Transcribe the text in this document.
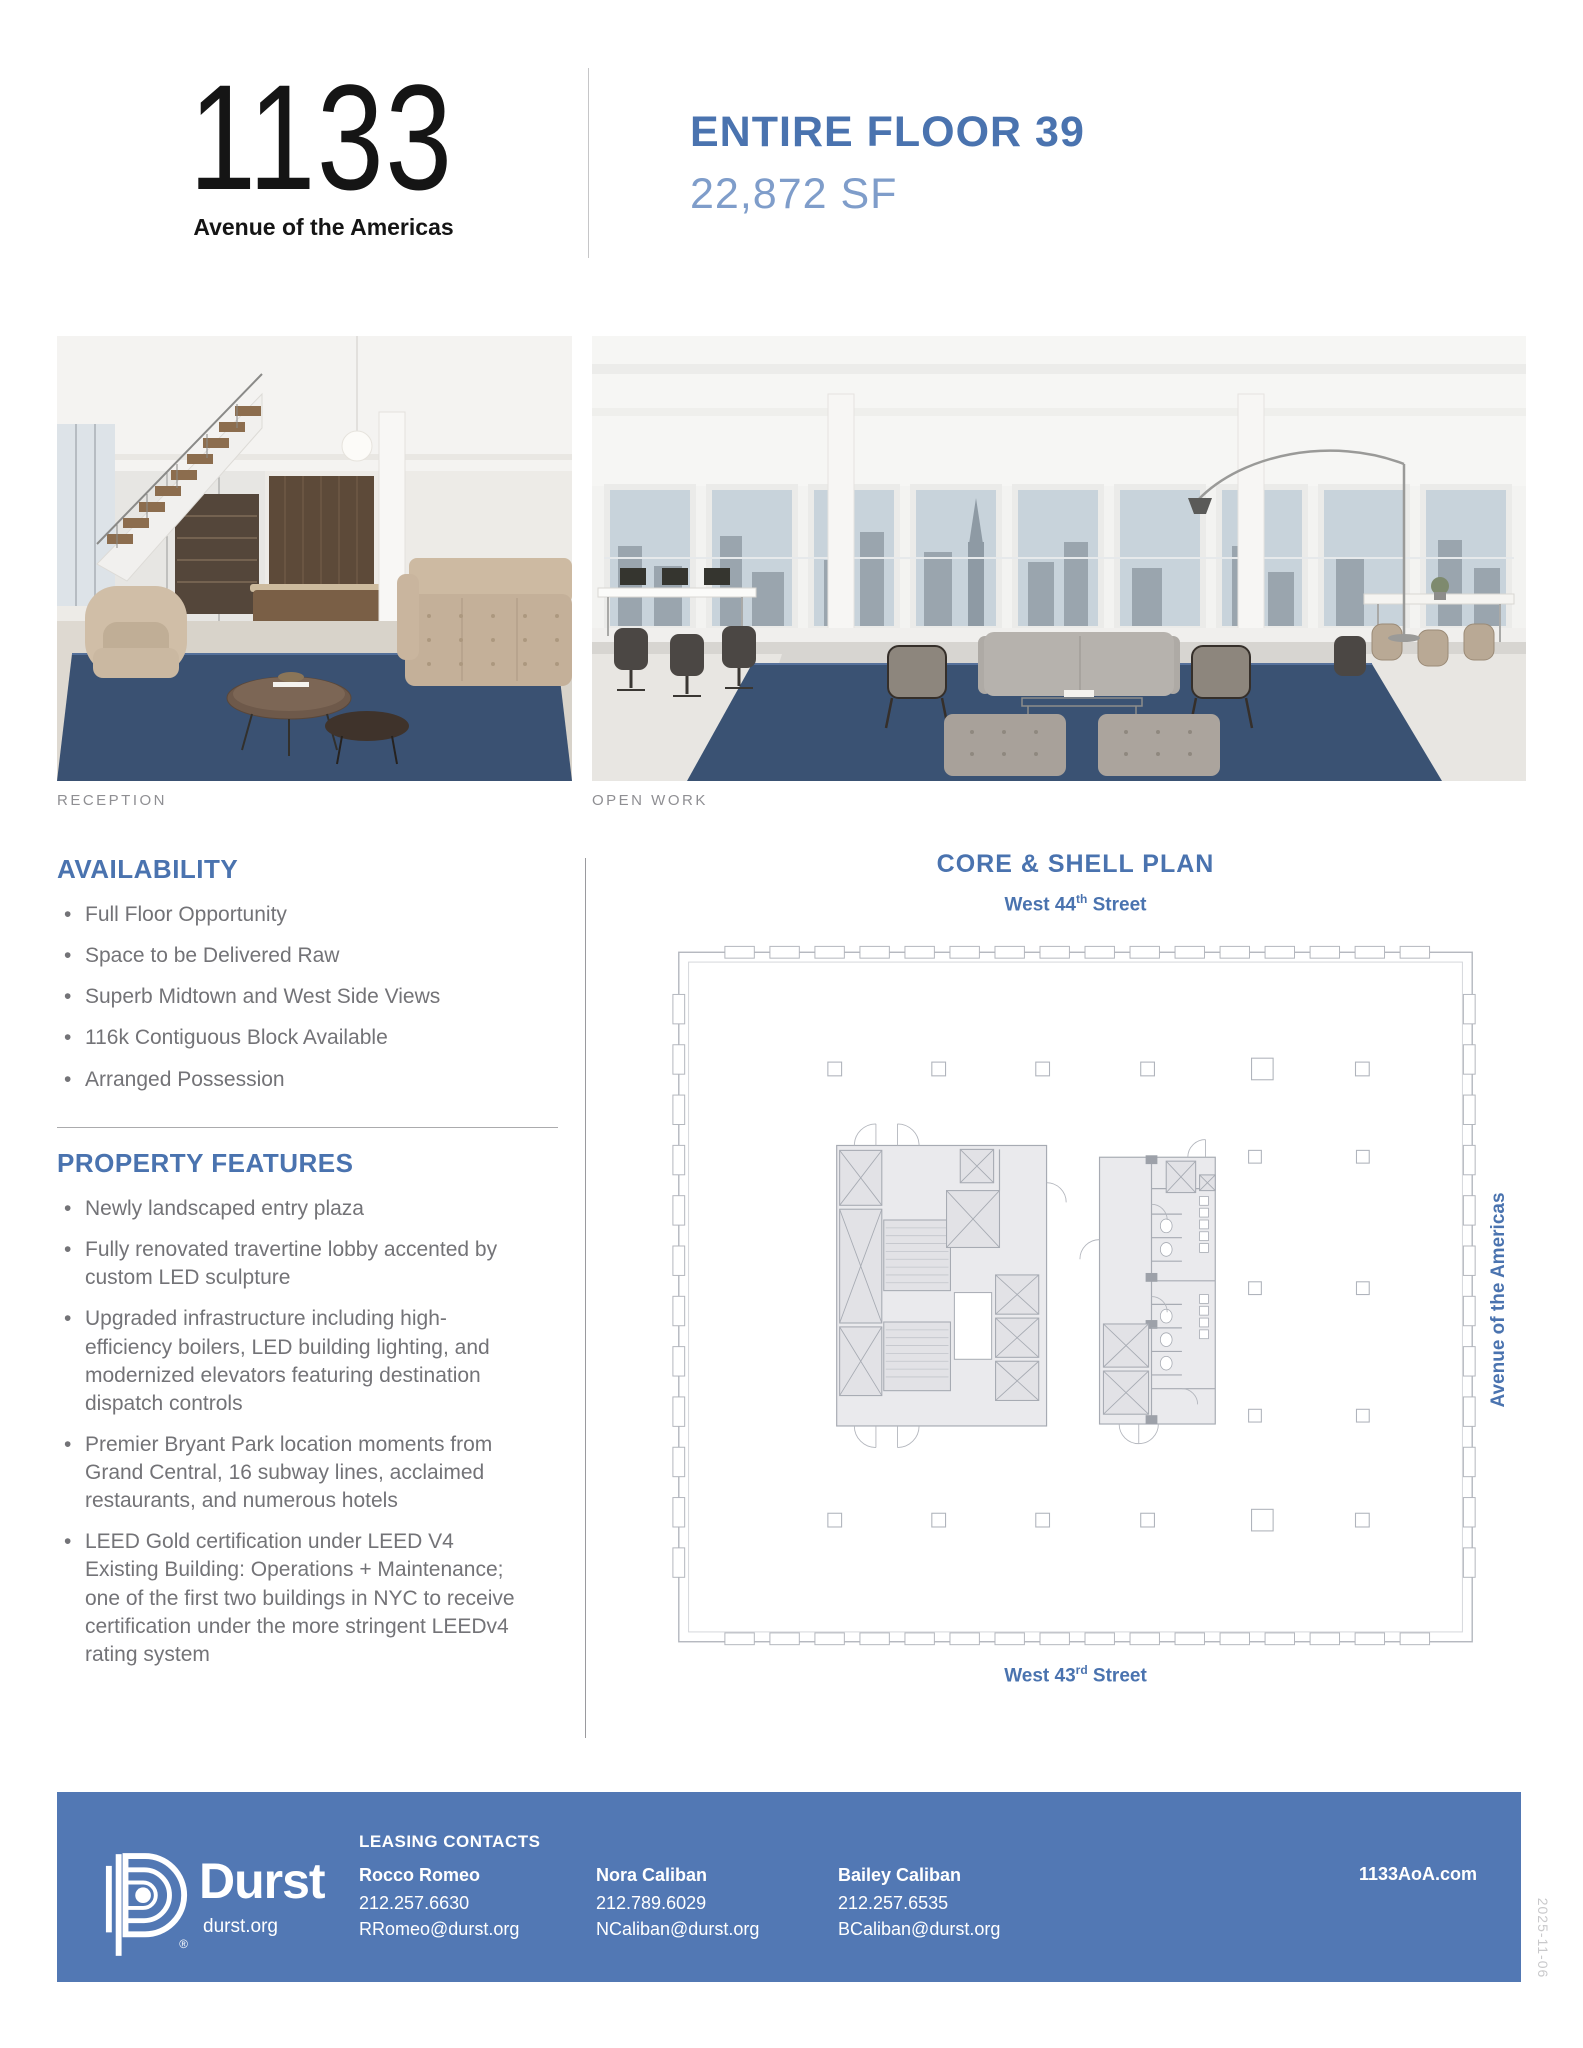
1133
Avenue of the Americas
ENTIRE FLOOR 39
22,872 SF
RECEPTION	OPEN WORK
AVAILABILITY
• Full Floor Opportunity
• Space to be Delivered Raw
• Superb Midtown and West Side Views
• 116k Contiguous Block Available
• Arranged Possession
PROPERTY FEATURES
• Newly landscaped entry plaza
• Fully renovated travertine lobby accented by custom LED sculpture
• Upgraded infrastructure including high-efficiency boilers, LED building lighting, and modernized elevators featuring destination dispatch controls
• Premier Bryant Park location moments from Grand Central, 16 subway lines, acclaimed restaurants, and numerous hotels
• LEED Gold certification under LEED V4 Existing Building: Operations + Maintenance; one of the first two buildings in NYC to receive certification under the more stringent LEEDv4 rating system
CORE & SHELL PLAN
West 44th Street
West 43rd Street
Avenue of the Americas
®
Durst
durst.org
LEASING CONTACTS
Rocco Romeo
212.257.6630
RRomeo@durst.org
Nora Caliban
212.789.6029
NCaliban@durst.org
Bailey Caliban
212.257.6535
BCaliban@durst.org
1133AoA.com
2025-11-06
